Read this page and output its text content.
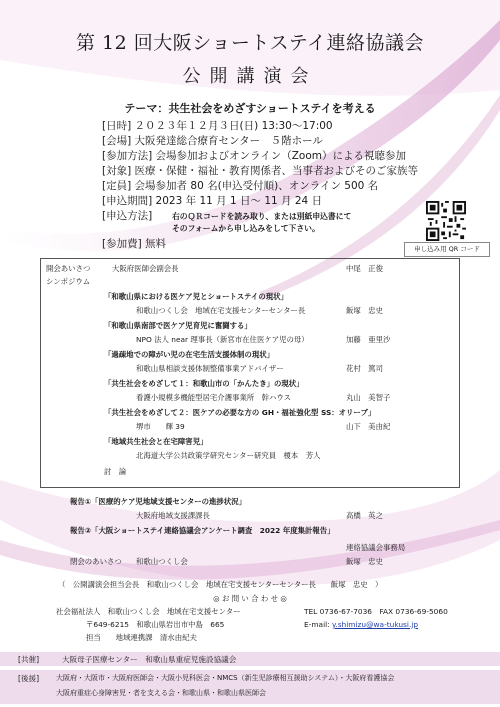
第 12 回大阪ショートステイ連絡協議会
公開講演会
テーマ：共生社会をめざすショートステイを考える
[日時] ２０２３年１２月３日(日) 13:30～17:00
[会場] 大阪発達総合療育センター　５階ホール
[参加方法] 会場参加およびオンライン（Zoom）による視聴参加
[対象] 医療・保健・福祉・教育関係者、当事者およびそのご家族等
[定員] 会場参加者 80 名(申込受付順)、オンライン 500 名
[申込期間] 2023 年 11 月 1 日～ 11 月 24 日
[申込方法]	右のＱＲコードを読み取り、または別紙申込書にて
そのフォームから申し込みをして下さい。
[参加費] 無料	申し込み用 QR コード
開会あいさつ	大阪府医師会副会長	中尾　正俊
シンポジウム
「和歌山県における医ケア児とショートステイの現状」
和歌山つくし会　地域在宅支援センターセンター長	飯塚　忠史
「和歌山県南部で医ケア児育児に奮闘する」
NPO 法人 near 理事長（新宮市在住医ケア児の母）	加藤　亜里沙
「過疎地での障がい児の在宅生活支援体制の現状」
和歌山県相談支援体制整備事業アドバイザー	花村　篤司
「共生社会をめざして１：和歌山市の「かんたき」の現状」
看護小規模多機能型居宅介護事業所　幹ハウス	丸山　美智子
「共生社会をめざして２：医ケアの必要な方の GH・福祉強化型 SS：オリーブ」
堺市　　輝 39	山下　美由紀
「地域共生社会と在宅障害児」
北海道大学公共政策学研究センター研究員　榎本　芳人
討　論
報告①「医療的ケア児地域支援センターの進捗状況」
大阪府地域支援課課長	高橋　英之
報告②「大阪ショートステイ連絡協議会アンケート調査　2022 年度集計報告」
連絡協議会事務局
閉会のあいさつ 和歌山つくし会	飯塚　忠史
（　公開講演会担当会長　和歌山つくし会　地域在宅支援センターセンター長　　飯塚　忠史　）
◎ お 問 い 合 わ せ ◎
社会福祉法人　和歌山つくし会　地域在宅支援センター	TEL 0736-67-7036　FAX 0736-69-5060
〒649-6215　和歌山県岩出市中島　665	E-mail: y.shimizu@wa-tukusi.jp
担当　　地域連携課　清水由紀夫
[共催]	大阪母子医療センター　和歌山県重症児施設協議会
[後援] 大阪府・大阪市・大阪府医師会・大阪小児科医会・NMCS（新生児診療相互援助システム）・大阪府看護協会
大阪府重症心身障害児・者を支える会・和歌山県・和歌山県医師会
